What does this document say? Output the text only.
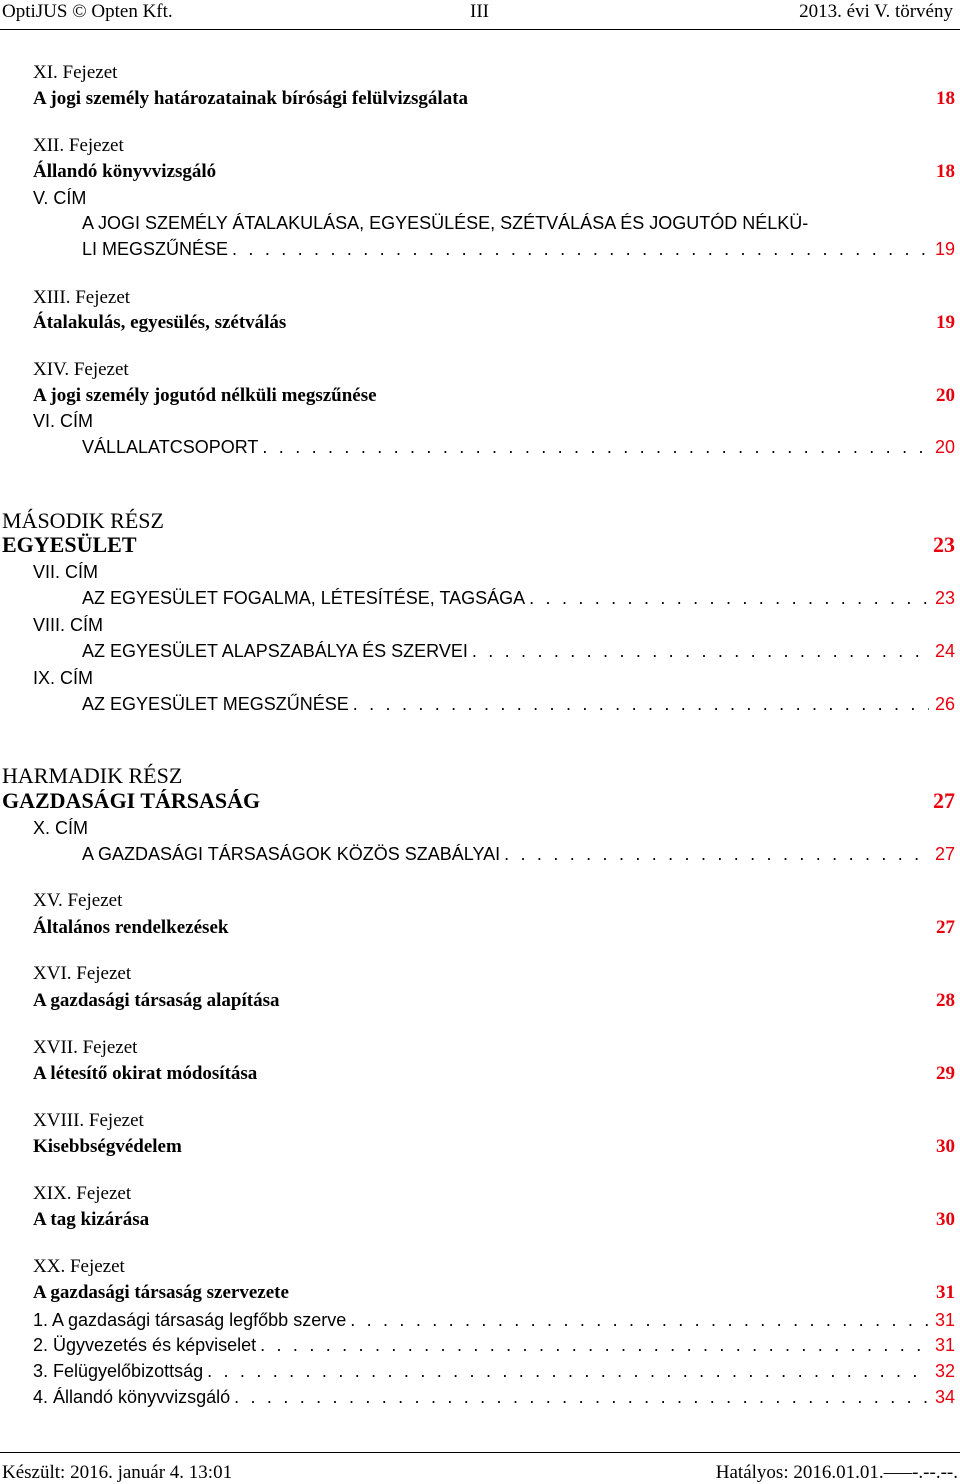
OptiJUS © Opten Kft.	III	2013. évi V. törvény
XI. Fejezet
A jogi személy határozatainak bírósági felülvizsgálata	18
XII. Fejezet
Állandó könyvvizsgáló	18
V. CÍM
A JOGI SZEMÉLY ÁTALAKULÁSA, EGYESÜLÉSE, SZÉTVÁLÁSA ÉS JOGUTÓD NÉLKÜ-
LI MEGSZŰNÉSE . . .	19
XIII. Fejezet
Átalakulás, egyesülés, szétválás	19
XIV. Fejezet
A jogi személy jogutód nélküli megszűnése	20
VI. CÍM
VÁLLALATCSOPORT . . .	20
MÁSODIK RÉSZ
EGYESÜLET	23
VII. CÍM
AZ EGYESÜLET FOGALMA, LÉTESÍTÉSE, TAGSÁGA . . .	23
VIII. CÍM
AZ EGYESÜLET ALAPSZABÁLYA ÉS SZERVEI . . .	24
IX. CÍM
AZ EGYESÜLET MEGSZŰNÉSE . . .	26
HARMADIK RÉSZ
GAZDASÁGI TÁRSASÁG	27
X. CÍM
A GAZDASÁGI TÁRSASÁGOK KÖZÖS SZABÁLYAI . . .	27
XV. Fejezet
Általános rendelkezések	27
XVI. Fejezet
A gazdasági társaság alapítása	28
XVII. Fejezet
A létesítő okirat módosítása	29
XVIII. Fejezet
Kisebbségvédelem	30
XIX. Fejezet
A tag kizárása	30
XX. Fejezet
A gazdasági társaság szervezete	31
1. A gazdasági társaság legfőbb szerve . . .	31
2. Ügyvezetés és képviselet . . .	31
3. Felügyelőbizottság . . .	32
4. Állandó könyvvizsgáló . . .	34
Készült: 2016. január 4. 13:01	Hatályos: 2016.01.01.–––-.--.--.
